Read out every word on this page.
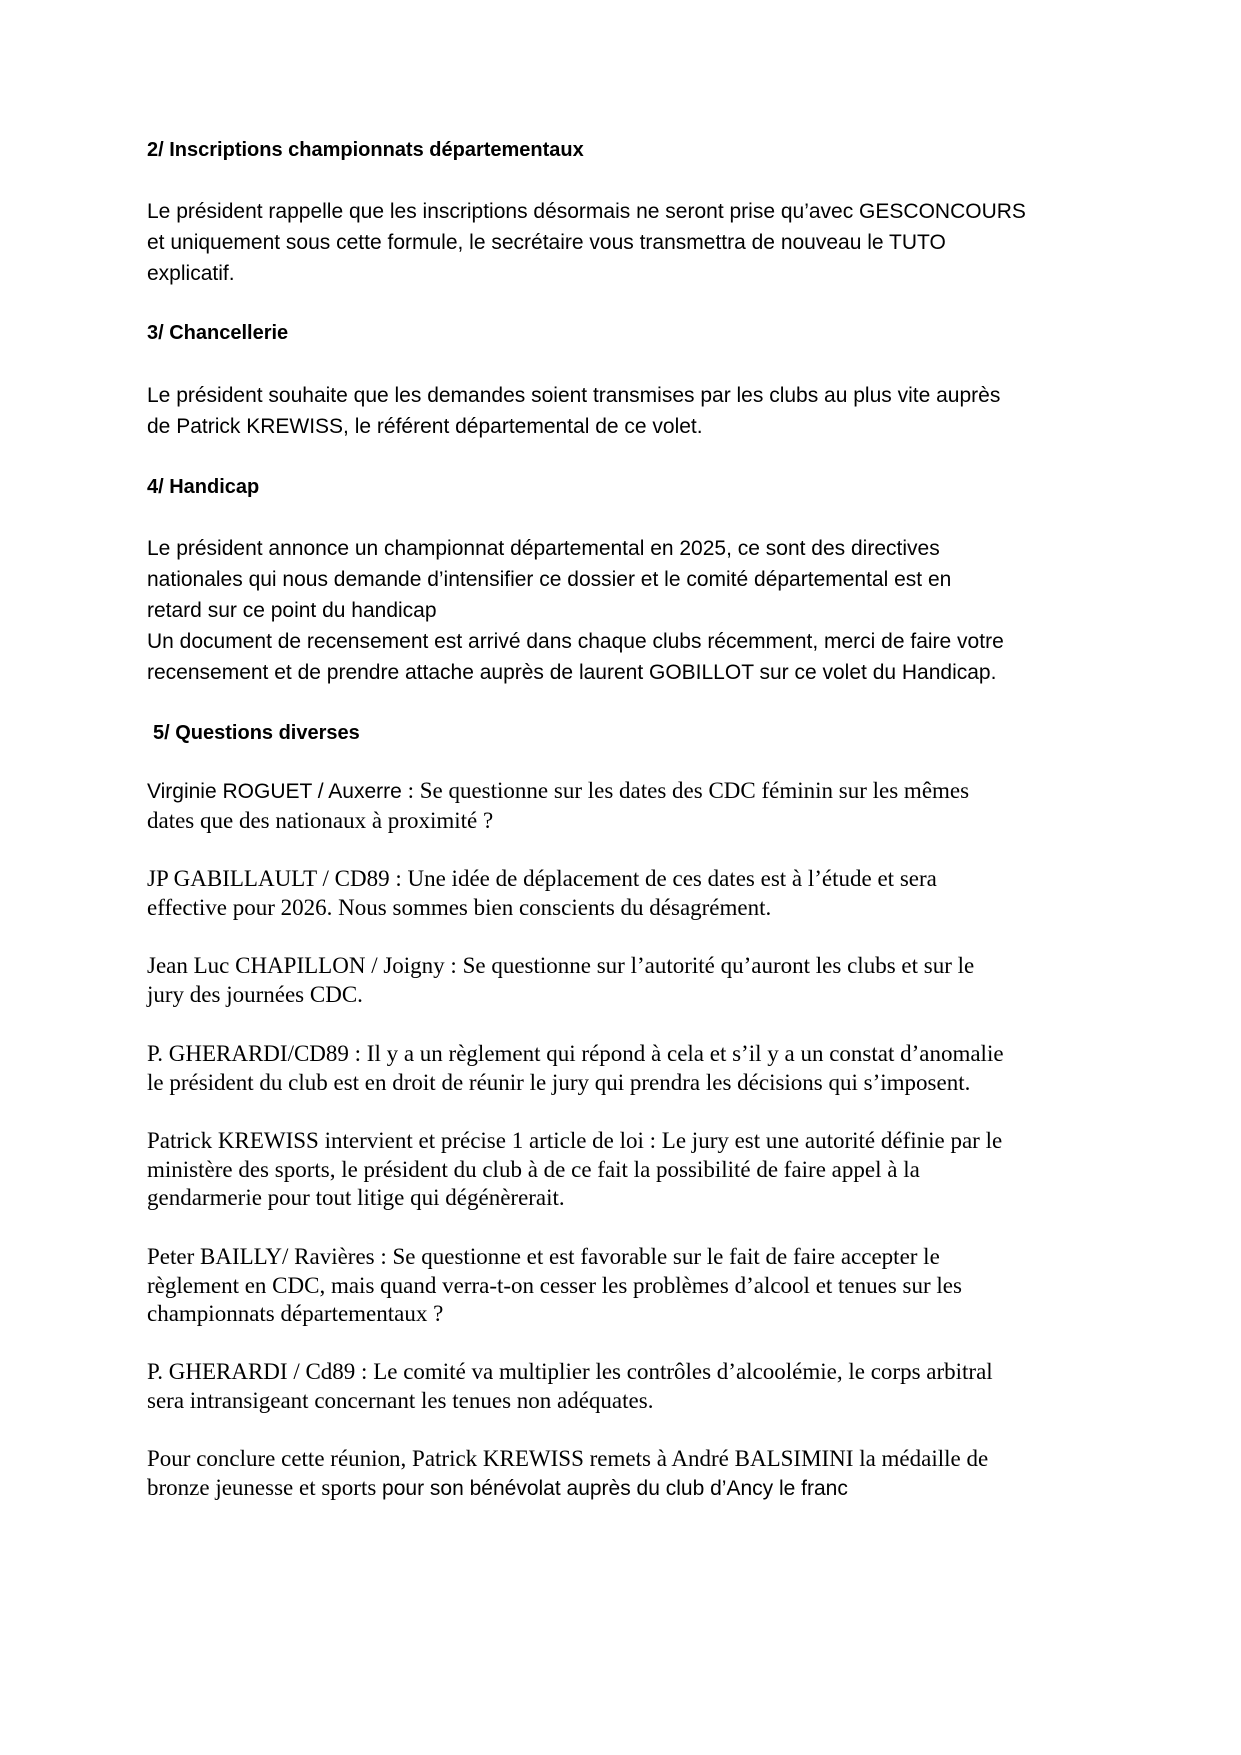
2/ Inscriptions championnats départementaux
Le président rappelle que les inscriptions désormais ne seront prise qu’avec GESCONCOURS
et uniquement sous cette formule, le secrétaire vous transmettra de nouveau le TUTO
explicatif.
3/ Chancellerie
Le président souhaite que les demandes soient transmises par les clubs au plus vite auprès
de Patrick KREWISS, le référent départemental de ce volet.
4/ Handicap
Le président annonce un championnat départemental en 2025, ce sont des directives
nationales qui nous demande d’intensifier ce dossier et le comité départemental est en
retard sur ce point du handicap
Un document de recensement est arrivé dans chaque clubs récemment, merci de faire votre
recensement et de prendre attache auprès de laurent GOBILLOT sur ce volet du Handicap.
5/ Questions diverses
Virginie ROGUET / Auxerre : Se questionne sur les dates des CDC féminin sur les mêmes
dates que des nationaux à proximité ?
JP GABILLAULT / CD89 : Une idée de déplacement de ces dates est à l’étude et sera
effective pour 2026. Nous sommes bien conscients du désagrément.
Jean Luc CHAPILLON / Joigny : Se questionne sur l’autorité qu’auront les clubs et sur le
jury des journées CDC.
P. GHERARDI/CD89 : Il y a un règlement qui répond à cela et s’il y a un constat d’anomalie
le président du club est en droit de réunir le jury qui prendra les décisions qui s’imposent.
Patrick KREWISS intervient et précise 1 article de loi : Le jury est une autorité définie par le
ministère des sports, le président du club à de ce fait la possibilité de faire appel à la
gendarmerie pour tout litige qui dégénèrerait.
Peter BAILLY/ Ravières : Se questionne et est favorable sur le fait de faire accepter le
règlement en CDC, mais quand verra-t-on cesser les problèmes d’alcool et tenues sur les
championnats départementaux ?
P. GHERARDI / Cd89 : Le comité va multiplier les contrôles d’alcoolémie, le corps arbitral
sera intransigeant concernant les tenues non adéquates.
Pour conclure cette réunion, Patrick KREWISS remets à André BALSIMINI la médaille de
bronze jeunesse et sports pour son bénévolat auprès du club d’Ancy le franc
